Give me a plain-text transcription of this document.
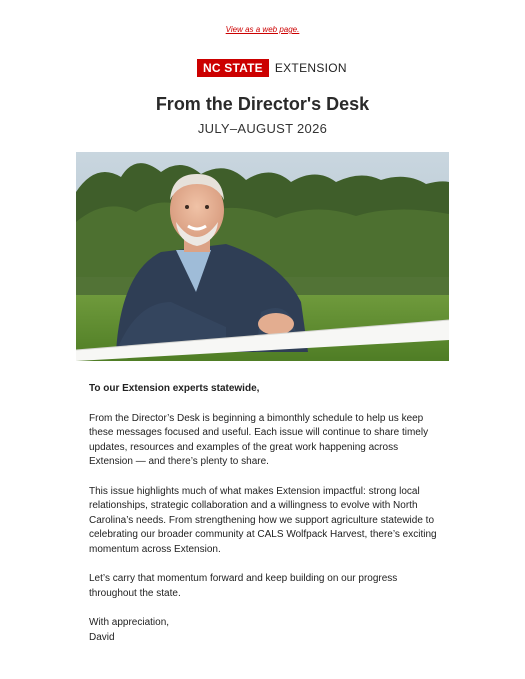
View as a web page.
NC STATE	EXTENSION
From the Director's Desk
JULY–AUGUST 2026

To our Extension experts statewide,

From the Director’s Desk is beginning a bimonthly schedule to help us keep these messages focused and useful. Each issue will continue to share timely updates, resources and examples of the great work happening across Extension — and there’s plenty to share.

This issue highlights much of what makes Extension impactful: strong local relationships, strategic collaboration and a willingness to evolve with North Carolina’s needs. From strengthening how we support agriculture statewide to celebrating our broader community at CALS Wolfpack Harvest, there’s exciting momentum across Extension.

Let’s carry that momentum forward and keep building on our progress throughout the state.

With appreciation,
David
